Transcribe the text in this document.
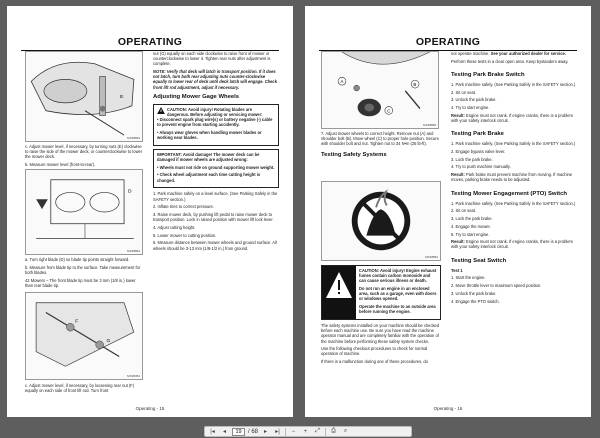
OPERATING
E
MX38863

c. Adjust mower level, if necessary, by turning nuts (E) clockwise to raise the side of the mower deck, or counterclockwise to lower the mower deck.

5. Measure mower level (front-to-rear).

D
MX38864

a. Turn right blade (D) so blade tip points straight forward.

b. Measure from blade tip to the surface. Take measurement for both blades.

42 Mowers – The front blade tip must be 3 mm (1/8 in.) lower than rear blade tip.

F
G
MX38354

c. Adjust mower level, if necessary, by loosening rear nut (F) equally on each side of front lift rod. Turn front

nut (G) equally on each side clockwise to raise front of mower or counterclockwise to lower it. Tighten rear nuts after adjustment is complete.

NOTE: Verify that deck will latch in transport position. If it does not latch, turn both rear adjusting nuts counter-clockwise equally to lower rear of deck until deck latch will engage. Check front lift rod adjustment, adjust if necessary.

Adjusting Mower Gage Wheels
CAUTION: Avoid injury! Rotating blades are dangerous. Before adjusting or servicing mower:

• Disconnect spark plug wire(s) or battery negative (-) cable to prevent engine from starting accidently.

• Always wear gloves when handling mower blades or working near blades.

IMPORTANT: Avoid damage! The mower deck can be damaged if mower wheels are adjusted wrong:

• Wheels must not ride on ground supporting mower weight.

• Check wheel adjustment each time cutting height is changed.

1. Park machine safely on a level surface. (See Parking Safely in the SAFETY section.)

2. Inflate tires to correct pressure.

3. Raise mower deck, by pushing lift pedal to raise mower deck to transport position. Lock in raised position with mower lift lock lever.

4. Adjust cutting height.

5. Lower mower to cutting position.

6. Measure distance between mower wheels and ground surface. All wheels should be 3-13 mm (1/8-1/2 in.) from ground.

Operating - 15
OPERATING
A
B
C
MX38868

7. Adjust mower wheels to correct height. Remove nut (A) and shoulder bolt (B). Move wheel (C) to proper hole position. Secure with shoulder bolt and nut. Tighten nut to 34 N•m (25 lb-ft).

Testing Safety Systems
MX38862

CAUTION: Avoid injury! Engine exhaust fumes contain carbon monoxide and can cause serious illness or death.

Do not run an engine in an enclosed area, such as a garage, even with doors or windows opened.

Operate the machine to an outside area before running the engine.

The safety systems installed on your machine should be checked before each machine use. Be sure you have read the machine operator manual and are completely familiar with the operation of the machine before performing these safety system checks.

Use the following checkout procedures to check for normal operation of machine.

If there is a malfunction during one of these procedures, do

not operate machine. See your authorized dealer for service.

Perform these tests in a clear open area. Keep bystanders away.

Testing Park Brake Switch

1. Park machine safely. (See Parking Safely in the SAFETY section.)

2. Sit on seat.

3. Unlock the park brake.

4. Try to start engine.

Result: Engine must not crank. If engine cranks, there is a problem with your safety interlock circuit.

Testing Park Brake

1. Park machine safely. (See Parking Safely in the SAFETY section.)

2. Engage bypass valve lever.

3. Lock the park brake.

4. Try to push machine manually.

Result: Park brake must prevent machine from moving. If machine moves, parking brake needs to be adjusted.

Testing Mower Engagement (PTO) Switch

1. Park machine safely. (See Parking Safely in the SAFETY section.)

2. Sit on seat.

3. Lock the park brake.

4. Engage the mower.

5. Try to start engine.

Result: Engine must not crank. If engine cranks, there is a problem with your safety interlock circuit.

Testing Seat Switch

Test 1

1. Start the engine.

2. Move throttle lever to maximum speed position.

3. Unlock the park brake.

4. Engage the PTO switch.

Operating - 16
|◂	◂	19	/ 68 ▸	▸|	−	+	⤢	⎙	⌕
